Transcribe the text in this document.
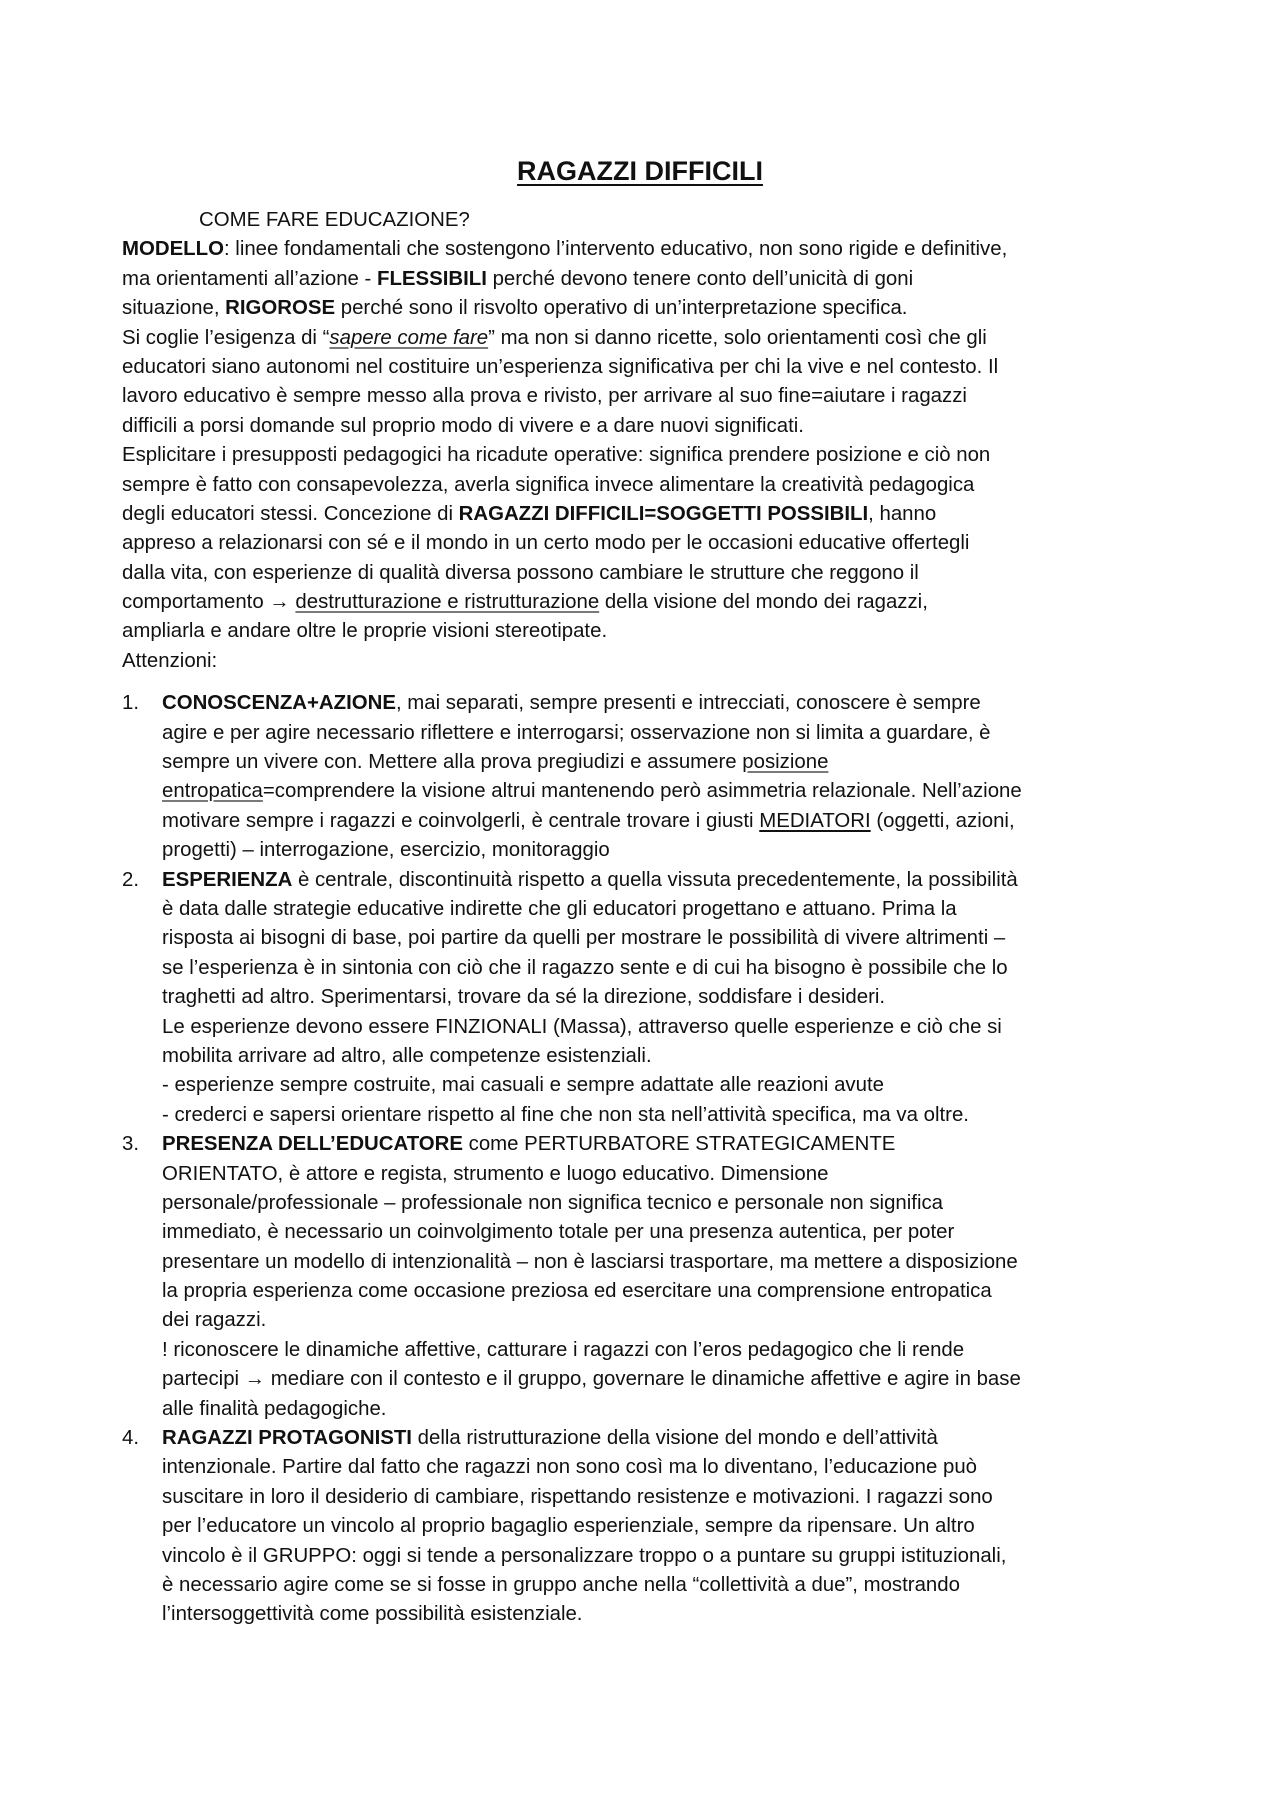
RAGAZZI DIFFICILI
COME FARE EDUCAZIONE?
MODELLO: linee fondamentali che sostengono l’intervento educativo, non sono rigide e definitive,
ma orientamenti all’azione - FLESSIBILI perché devono tenere conto dell’unicità di goni
situazione, RIGOROSE perché sono il risvolto operativo di un’interpretazione specifica.
Si coglie l’esigenza di “sapere come fare” ma non si danno ricette, solo orientamenti così che gli
educatori siano autonomi nel costituire un’esperienza significativa per chi la vive e nel contesto. Il
lavoro educativo è sempre messo alla prova e rivisto, per arrivare al suo fine=aiutare i ragazzi
difficili a porsi domande sul proprio modo di vivere e a dare nuovi significati.
Esplicitare i presupposti pedagogici ha ricadute operative: significa prendere posizione e ciò non
sempre è fatto con consapevolezza, averla significa invece alimentare la creatività pedagogica
degli educatori stessi. Concezione di RAGAZZI DIFFICILI=SOGGETTI POSSIBILI, hanno
appreso a relazionarsi con sé e il mondo in un certo modo per le occasioni educative offertegli
dalla vita, con esperienze di qualità diversa possono cambiare le strutture che reggono il
comportamento → destrutturazione e ristrutturazione della visione del mondo dei ragazzi,
ampliarla e andare oltre le proprie visioni stereotipate.
Attenzioni:
1. CONOSCENZA+AZIONE, mai separati, sempre presenti e intrecciati, conoscere è sempre
agire e per agire necessario riflettere e interrogarsi; osservazione non si limita a guardare, è
sempre un vivere con. Mettere alla prova pregiudizi e assumere posizione
entropatica=comprendere la visione altrui mantenendo però asimmetria relazionale. Nell’azione
motivare sempre i ragazzi e coinvolgerli, è centrale trovare i giusti MEDIATORI (oggetti, azioni,
progetti) – interrogazione, esercizio, monitoraggio
2. ESPERIENZA è centrale, discontinuità rispetto a quella vissuta precedentemente, la possibilità
è data dalle strategie educative indirette che gli educatori progettano e attuano. Prima la
risposta ai bisogni di base, poi partire da quelli per mostrare le possibilità di vivere altrimenti –
se l’esperienza è in sintonia con ciò che il ragazzo sente e di cui ha bisogno è possibile che lo
traghetti ad altro. Sperimentarsi, trovare da sé la direzione, soddisfare i desideri.
Le esperienze devono essere FINZIONALI (Massa), attraverso quelle esperienze e ciò che si
mobilita arrivare ad altro, alle competenze esistenziali.
- esperienze sempre costruite, mai casuali e sempre adattate alle reazioni avute
- crederci e sapersi orientare rispetto al fine che non sta nell’attività specifica, ma va oltre.
3. PRESENZA DELL’EDUCATORE come PERTURBATORE STRATEGICAMENTE
ORIENTATO, è attore e regista, strumento e luogo educativo. Dimensione
personale/professionale – professionale non significa tecnico e personale non significa
immediato, è necessario un coinvolgimento totale per una presenza autentica, per poter
presentare un modello di intenzionalità – non è lasciarsi trasportare, ma mettere a disposizione
la propria esperienza come occasione preziosa ed esercitare una comprensione entropatica
dei ragazzi.
! riconoscere le dinamiche affettive, catturare i ragazzi con l’eros pedagogico che li rende
partecipi → mediare con il contesto e il gruppo, governare le dinamiche affettive e agire in base
alle finalità pedagogiche.
4. RAGAZZI PROTAGONISTI della ristrutturazione della visione del mondo e dell’attività
intenzionale. Partire dal fatto che ragazzi non sono così ma lo diventano, l’educazione può
suscitare in loro il desiderio di cambiare, rispettando resistenze e motivazioni. I ragazzi sono
per l’educatore un vincolo al proprio bagaglio esperienziale, sempre da ripensare. Un altro
vincolo è il GRUPPO: oggi si tende a personalizzare troppo o a puntare su gruppi istituzionali,
è necessario agire come se si fosse in gruppo anche nella “collettività a due”, mostrando
l’intersoggettività come possibilità esistenziale.
